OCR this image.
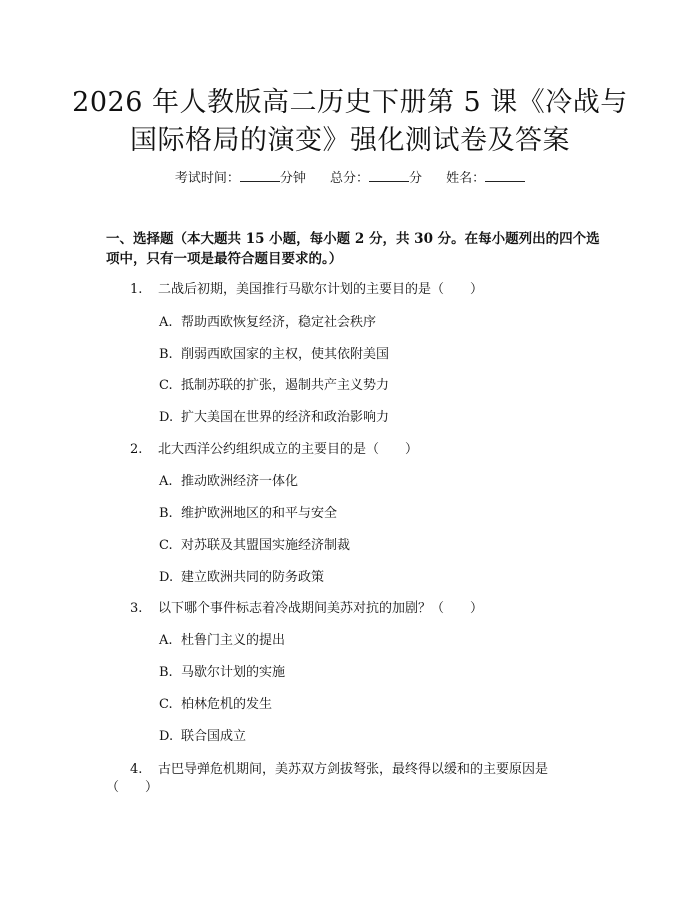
2026 年人教版高二历史下册第 5 课《冷战与
国际格局的演变》强化测试卷及答案
考试时间：	分钟 总分：	分 姓名：
一、选择题（本大题共 15 小题，每小题 2 分，共 30 分。在每小题列出的四个选
项中，只有一项是最符合题目要求的。）
1. 二战后初期，美国推行马歇尔计划的主要目的是（　　）
A. 帮助西欧恢复经济，稳定社会秩序
B. 削弱西欧国家的主权，使其依附美国
C. 抵制苏联的扩张，遏制共产主义势力
D. 扩大美国在世界的经济和政治影响力
2. 北大西洋公约组织成立的主要目的是（　　）
A. 推动欧洲经济一体化
B. 维护欧洲地区的和平与安全
C. 对苏联及其盟国实施经济制裁
D. 建立欧洲共同的防务政策
3. 以下哪个事件标志着冷战期间美苏对抗的加剧？（　　）
A. 杜鲁门主义的提出
B. 马歇尔计划的实施
C. 柏林危机的发生
D. 联合国成立
4. 古巴导弹危机期间，美苏双方剑拔弩张，最终得以缓和的主要原因是
（　　）
